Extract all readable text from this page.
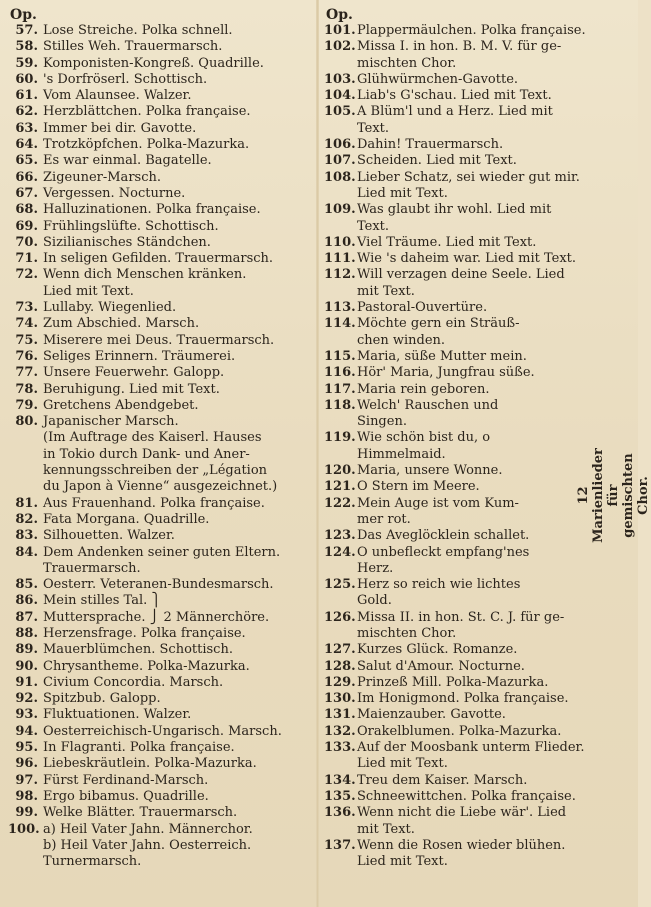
Op.
57. Lose Streiche. Polka schnell.
58. Stilles Weh. Trauermarsch.
59. Komponisten-Kongreß. Quadrille.
60. 's Dorfröserl. Schottisch.
61. Vom Alaunsee. Walzer.
62. Herzblättchen. Polka française.
63. Immer bei dir. Gavotte.
64. Trotzköpfchen. Polka-Mazurka.
65. Es war einmal. Bagatelle.
66. Zigeuner-Marsch.
67. Vergessen. Nocturne.
68. Halluzinationen. Polka française.
69. Frühlingslüfte. Schottisch.
70. Sizilianisches Ständchen.
71. In seligen Gefilden. Trauermarsch.
72. Wenn dich Menschen kränken.
Lied mit Text.
73. Lullaby. Wiegenlied.
74. Zum Abschied. Marsch.
75. Miserere mei Deus. Trauermarsch.
76. Seliges Erinnern. Träumerei.
77. Unsere Feuerwehr. Galopp.
78. Beruhigung. Lied mit Text.
79. Gretchens Abendgebet.
80. Japanischer Marsch.
(Im Auftrage des Kaiserl. Hauses
in Tokio durch Dank- und Aner-
kennungsschreiben der „Légation
du Japon à Vienne“ ausgezeichnet.)
81. Aus Frauenhand. Polka française.
82. Fata Morgana. Quadrille.
83. Silhouetten. Walzer.
84. Dem Andenken seiner guten Eltern.
Trauermarsch.
85. Oesterr. Veteranen-Bundesmarsch.
86. Mein stilles Tal. ⎫
87. Muttersprache. ⎭ 2 Männerchöre.
88. Herzensfrage. Polka française.
89. Mauerblümchen. Schottisch.
90. Chrysantheme. Polka-Mazurka.
91. Civium Concordia. Marsch.
92. Spitzbub. Galopp.
93. Fluktuationen. Walzer.
94. Oesterreichisch-Ungarisch. Marsch.
95. In Flagranti. Polka française.
96. Liebeskräutlein. Polka-Mazurka.
97. Fürst Ferdinand-Marsch.
98. Ergo bibamus. Quadrille.
99. Welke Blätter. Trauermarsch.
100. a) Heil Vater Jahn. Männerchor.
b) Heil Vater Jahn. Oesterreich.
Turnermarsch.
Op.
101. Plappermäulchen. Polka française.
102. Missa I. in hon. B. M. V. für ge-
mischten Chor.
103. Glühwürmchen-Gavotte.
104. Liab's G'schau. Lied mit Text.
105. A Blüm'l und a Herz. Lied mit
Text.
106. Dahin! Trauermarsch.
107. Scheiden. Lied mit Text.
108. Lieber Schatz, sei wieder gut mir.
Lied mit Text.
109. Was glaubt ihr wohl. Lied mit
Text.
110. Viel Träume. Lied mit Text.
111. Wie 's daheim war. Lied mit Text.
112. Will verzagen deine Seele. Lied
mit Text.
113. Pastoral-Ouvertüre.
114. Möchte gern ein Sträuß-
chen winden.
115. Maria, süße Mutter mein.
116. Hör' Maria, Jungfrau süße.
117. Maria rein geboren.
118. Welch' Rauschen und
Singen.
119. Wie schön bist du, o
Himmelmaid.
120. Maria, unsere Wonne.
121. O Stern im Meere.
122. Mein Auge ist vom Kum-
mer rot.
123. Das Aveglöcklein schallet.
124. O unbefleckt empfang'nes
Herz.
125. Herz so reich wie lichtes
Gold.
126. Missa II. in hon. St. C. J. für ge-
mischten Chor.
127. Kurzes Glück. Romanze.
128. Salut d'Amour. Nocturne.
129. Prinzeß Mill. Polka-Mazurka.
130. Im Honigmond. Polka française.
131. Maienzauber. Gavotte.
132. Orakelblumen. Polka-Mazurka.
133. Auf der Moosbank unterm Flieder.
Lied mit Text.
134. Treu dem Kaiser. Marsch.
135. Schneewittchen. Polka française.
136. Wenn nicht die Liebe wär'. Lied
mit Text.
137. Wenn die Rosen wieder blühen.
Lied mit Text.
12 Marienlieder
für gemischten Chor.
